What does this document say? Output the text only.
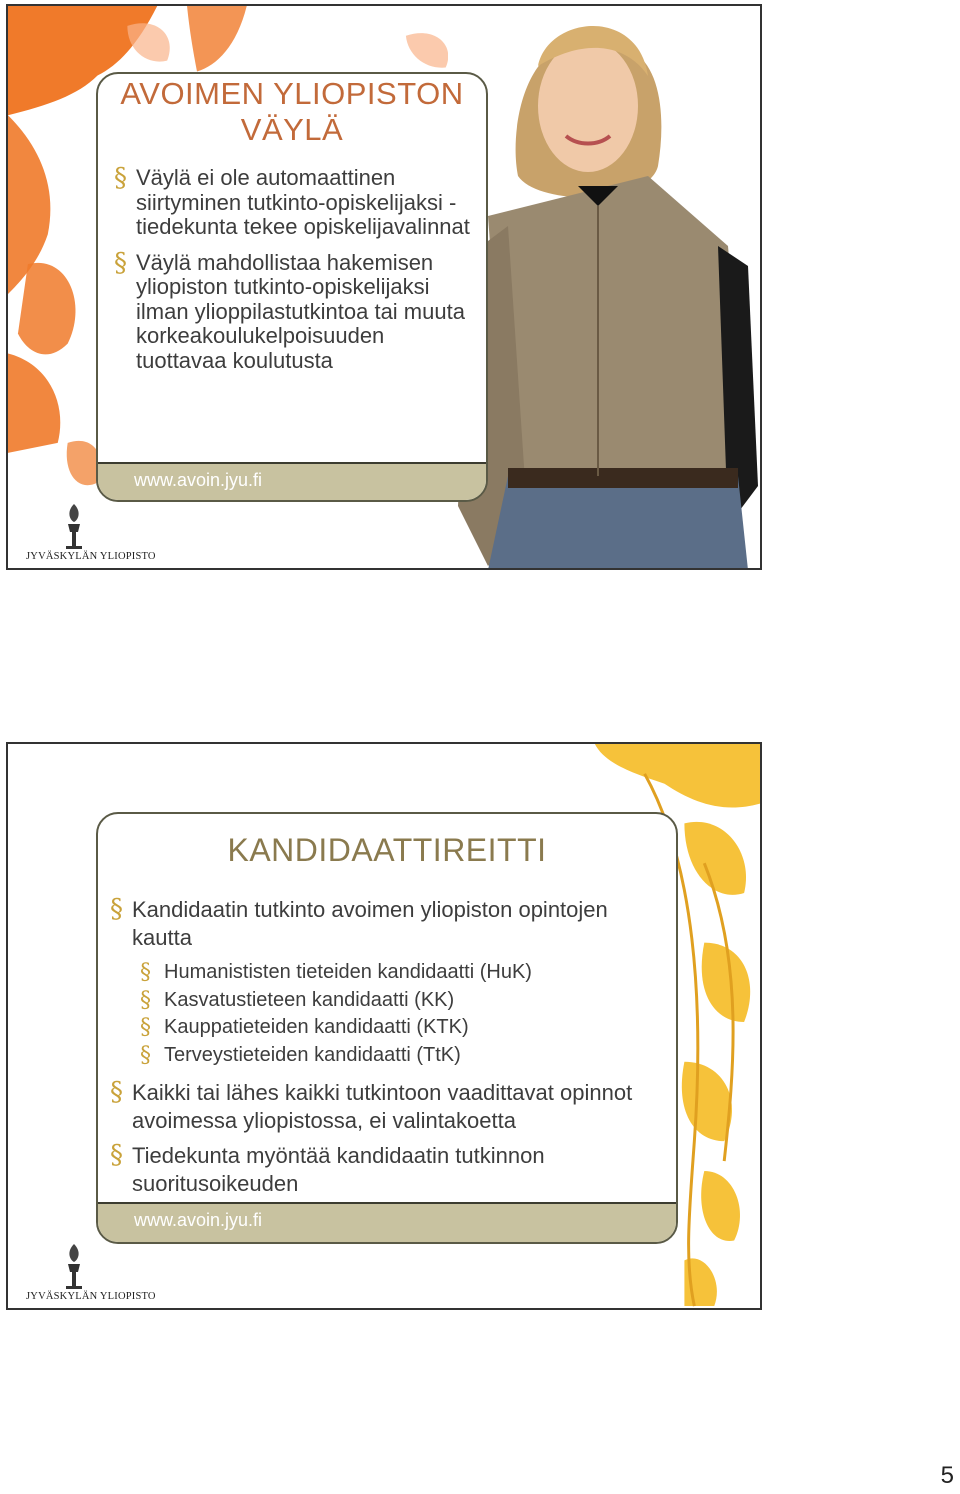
AVOIMEN YLIOPISTON VÄYLÄ
§ Väylä ei ole automaattinen siirtyminen tutkinto-opiskelijaksi - tiedekunta tekee opiskelijavalinnat
§ Väylä mahdollistaa hakemisen yliopiston tutkinto-opiskelijaksi ilman ylioppilastutkintoa tai muuta korkeakoulukelpoisuuden tuottavaa koulutusta
www.avoin.jyu.fi
JYVÄSKYLÄN YLIOPISTO
KANDIDAATTIREITTI
§ Kandidaatin tutkinto avoimen yliopiston opintojen kautta
§ Humanististen tieteiden kandidaatti (HuK)
§ Kasvatustieteen kandidaatti (KK)
§ Kauppatieteiden kandidaatti (KTK)
§ Terveystieteiden kandidaatti (TtK)
§ Kaikki tai lähes kaikki tutkintoon vaadittavat opinnot avoimessa yliopistossa, ei valintakoetta
§ Tiedekunta myöntää kandidaatin tutkinnon suoritusoikeuden
www.avoin.jyu.fi
JYVÄSKYLÄN YLIOPISTO
5
